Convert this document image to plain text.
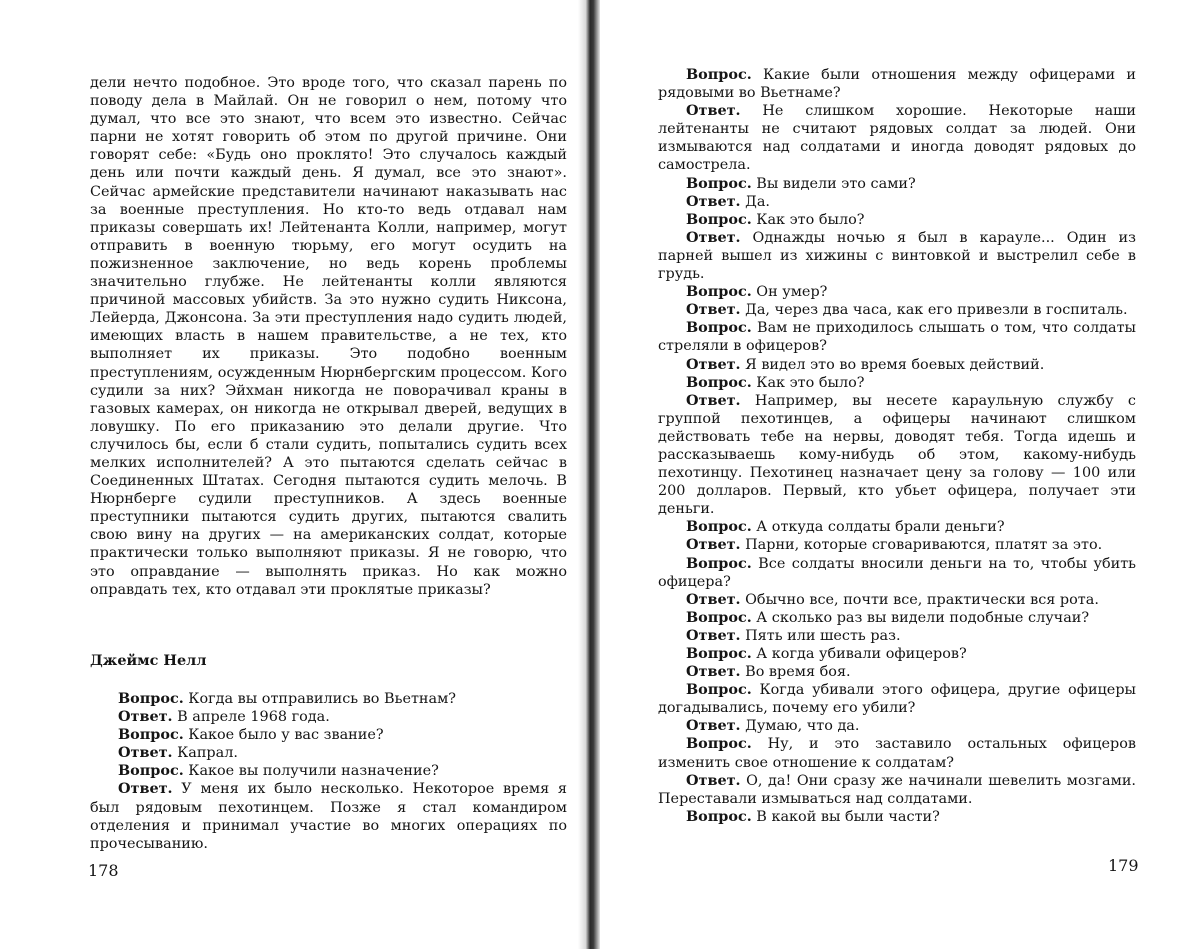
дели нечто подобное. Это вроде того, что сказал парень по поводу дела в Майлай. Он не говорил о нем, потому что думал, что все это знают, что всем это известно. Сейчас парни не хотят говорить об этом по другой причине. Они говорят себе: «Будь оно проклято! Это случалось каждый день или почти каждый день. Я думал, все это знают». Сейчас армейские представители начинают наказывать нас за военные преступления. Но кто-то ведь отдавал нам приказы совершать их! Лейтенанта Колли, например, могут отправить в военную тюрьму, его могут осудить на пожизненное заключение, но ведь корень проблемы значительно глубже. Не лейтенанты колли являются причиной массовых убийств. За это нужно судить Никсона, Лейерда, Джонсона. За эти преступления надо судить людей, имеющих власть в нашем правительстве, а не тех, кто выполняет их приказы. Это подобно военным преступлениям, осужденным Нюрнбергским процессом. Кого судили за них? Эйхман никогда не поворачивал краны в газовых камерах, он никогда не открывал дверей, ведущих в ловушку. По его приказанию это делали другие. Что случилось бы, если б стали судить, попытались судить всех мелких исполнителей? А это пытаются сделать сейчас в Соединенных Штатах. Сегодня пытаются судить мелочь. В Нюрнберге судили преступников. А здесь военные преступники пытаются судить других, пытаются свалить свою вину на других — на американских солдат, которые практически только выполняют приказы. Я не говорю, что это оправдание — выполнять приказ. Но как можно оправдать тех, кто отдавал эти проклятые приказы?

Джеймс Нелл

Вопрос. Когда вы отправились во Вьетнам?

Ответ. В апреле 1968 года.

Вопрос. Какое было у вас звание?

Ответ. Капрал.

Вопрос. Какое вы получили назначение?

Ответ. У меня их было несколько. Некоторое время я был рядовым пехотинцем. Позже я стал командиром отделения и принимал участие во многих операциях по прочесыванию.

178

Вопрос. Какие были отношения между офицерами и рядовыми во Вьетнаме?

Ответ. Не слишком хорошие. Некоторые наши лейтенанты не считают рядовых солдат за людей. Они измываются над солдатами и иногда доводят рядовых до самострела.

Вопрос. Вы видели это сами?

Ответ. Да.

Вопрос. Как это было?

Ответ. Однажды ночью я был в карауле... Один из парней вышел из хижины с винтовкой и выстрелил себе в грудь.

Вопрос. Он умер?

Ответ. Да, через два часа, как его привезли в госпиталь.

Вопрос. Вам не приходилось слышать о том, что солдаты стреляли в офицеров?

Ответ. Я видел это во время боевых действий.

Вопрос. Как это было?

Ответ. Например, вы несете караульную службу с группой пехотинцев, а офицеры начинают слишком действовать тебе на нервы, доводят тебя. Тогда идешь и рассказываешь кому-нибудь об этом, какому-нибудь пехотинцу. Пехотинец назначает цену за голову — 100 или 200 долларов. Первый, кто убьет офицера, получает эти деньги.

Вопрос. А откуда солдаты брали деньги?

Ответ. Парни, которые сговариваются, платят за это.

Вопрос. Все солдаты вносили деньги на то, чтобы убить офицера?

Ответ. Обычно все, почти все, практически вся рота.

Вопрос. А сколько раз вы видели подобные случаи?

Ответ. Пять или шесть раз.

Вопрос. А когда убивали офицеров?

Ответ. Во время боя.

Вопрос. Когда убивали этого офицера, другие офицеры догадывались, почему его убили?

Ответ. Думаю, что да.

Вопрос. Ну, и это заставило остальных офицеров изменить свое отношение к солдатам?

Ответ. О, да! Они сразу же начинали шевелить мозгами. Переставали измываться над солдатами.

Вопрос. В какой вы были части?

179
